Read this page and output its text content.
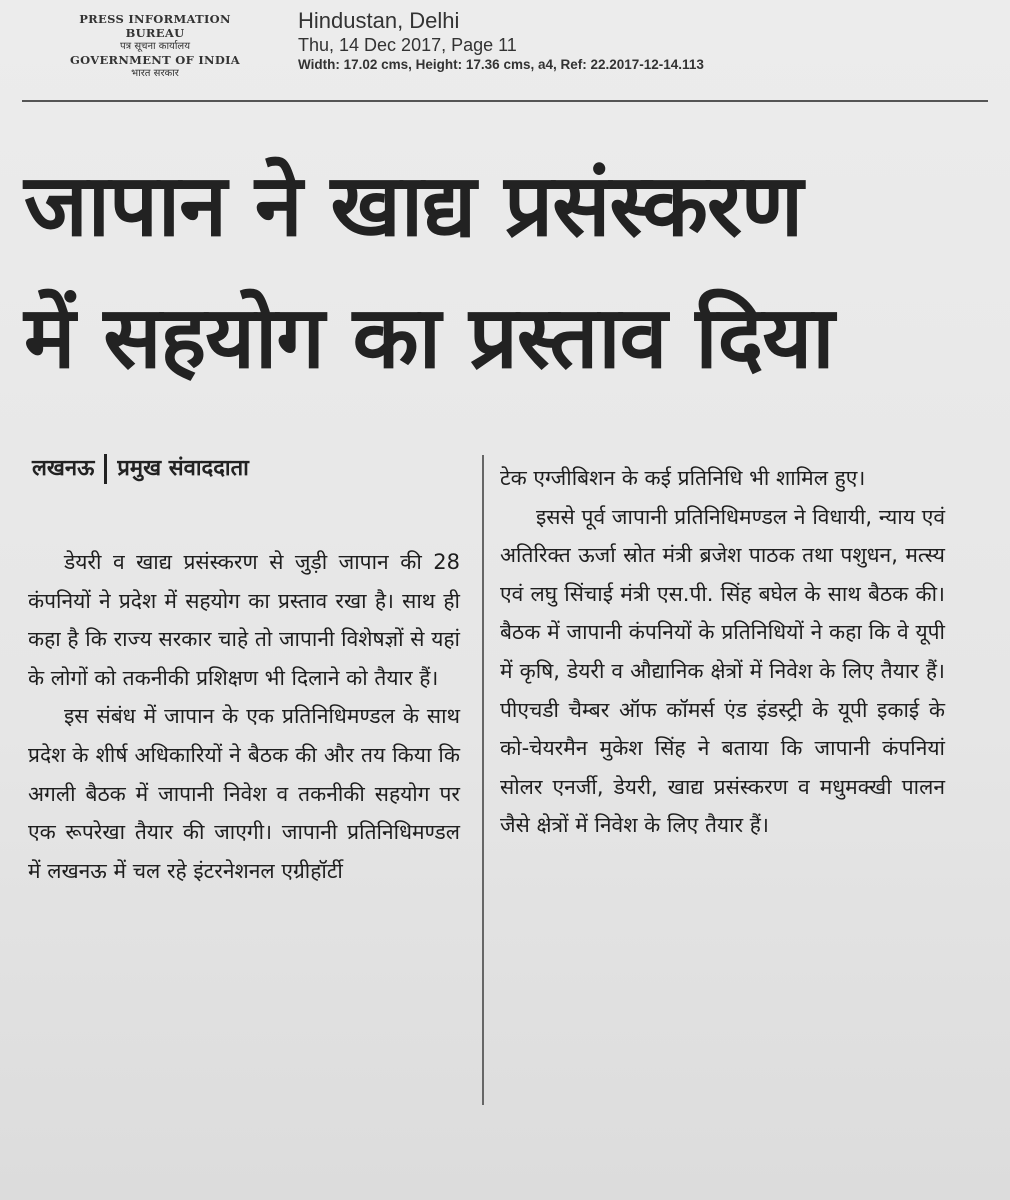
PRESS INFORMATION BUREAU
पत्र सूचना कार्यालय
GOVERNMENT OF INDIA
भारत सरकार
Hindustan, Delhi
Thu, 14 Dec 2017, Page 11
Width: 17.02 cms, Height: 17.36 cms, a4, Ref: 22.2017-12-14.113
जापान ने खाद्य प्रसंस्करण
में सहयोग का प्रस्ताव दिया
लखनऊ प्रमुख संवाददाता

डेयरी व खाद्य प्रसंस्करण से जुड़ी जापान की 28 कंपनियों ने प्रदेश में सहयोग का प्रस्ताव रखा है। साथ ही कहा है कि राज्य सरकार चाहे तो जापानी विशेषज्ञों से यहां के लोगों को तकनीकी प्रशिक्षण भी दिलाने को तैयार हैं।

इस संबंध में जापान के एक प्रतिनिधिमण्डल के साथ प्रदेश के शीर्ष अधिकारियों ने बैठक की और तय किया कि अगली बैठक में जापानी निवेश व तकनीकी सहयोग पर एक रूपरेखा तैयार की जाएगी। जापानी प्रतिनिधिमण्डल में लखनऊ में चल रहे इंटरनेशनल एग्रीहॉर्टी

टेक एग्जीबिशन के कई प्रतिनिधि भी शामिल हुए।

इससे पूर्व जापानी प्रतिनिधिमण्डल ने विधायी, न्याय एवं अतिरिक्त ऊर्जा स्रोत मंत्री ब्रजेश पाठक तथा पशुधन, मत्स्य एवं लघु सिंचाई मंत्री एस.पी. सिंह बघेल के साथ बैठक की।बैठक में जापानी कंपनियों के प्रतिनिधियों ने कहा कि वे यूपी में कृषि, डेयरी व औद्यानिक क्षेत्रों में निवेश के लिए तैयार हैं। पीएचडी चैम्बर ऑफ कॉमर्स एंड इंडस्ट्री के यूपी इकाई के को-चेयरमैन मुकेश सिंह ने बताया कि जापानी कंपनियां सोलर एनर्जी, डेयरी, खाद्य प्रसंस्करण व मधुमक्खी पालन जैसे क्षेत्रों में निवेश के लिए तैयार हैं।
